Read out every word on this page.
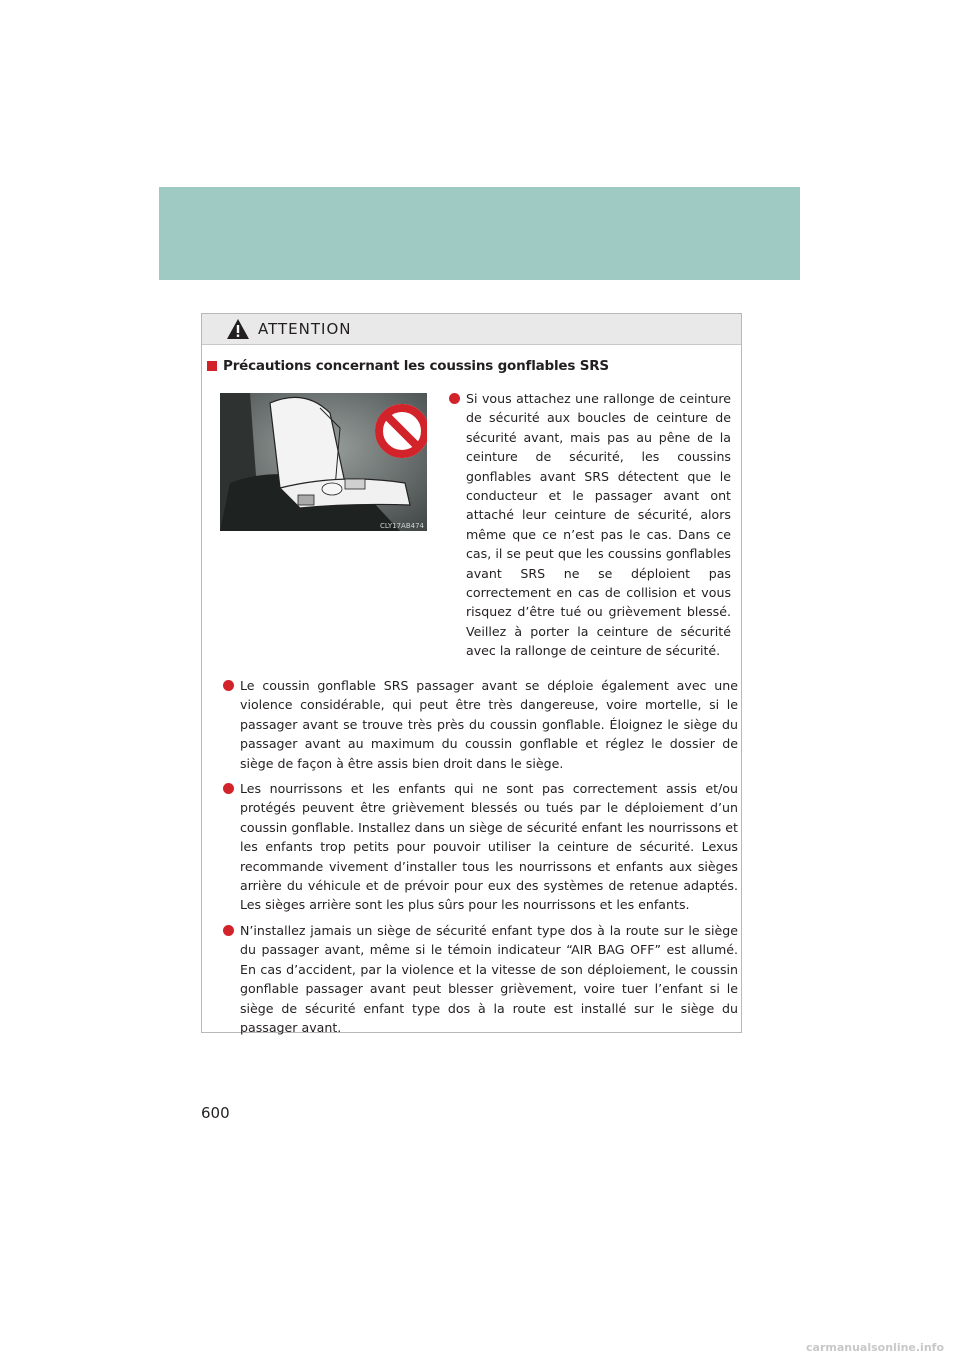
ATTENTION
Précautions concernant les coussins gonflables SRS
CLY17AB474
Si vous attachez une rallonge de ceinture de sécurité aux boucles de ceinture de sécurité avant, mais pas au pêne de la ceinture de sécurité, les coussins gonflables avant SRS détectent que le conducteur et le passager avant ont attaché leur ceinture de sécurité, alors même que ce n’est pas le cas. Dans ce cas, il se peut que les coussins gonflables avant SRS ne se déploient pas correctement en cas de collision et vous risquez d’être tué ou grièvement blessé. Veillez à porter la ceinture de sécurité avec la rallonge de ceinture de sécurité.
Le coussin gonflable SRS passager avant se déploie également avec une violence considérable, qui peut être très dangereuse, voire mortelle, si le passager avant se trouve très près du coussin gonflable. Éloignez le siège du passager avant au maximum du coussin gonflable et réglez le dossier de siège de façon à être assis bien droit dans le siège.
Les nourrissons et les enfants qui ne sont pas correctement assis et/ou protégés peuvent être grièvement blessés ou tués par le déploiement d’un coussin gonflable. Installez dans un siège de sécurité enfant les nourrissons et les enfants trop petits pour pouvoir utiliser la ceinture de sécurité. Lexus recommande vivement d’installer tous les nourrissons et enfants aux sièges arrière du véhicule et de prévoir pour eux des systèmes de retenue adaptés. Les sièges arrière sont les plus sûrs pour les nourrissons et les enfants.
N’installez jamais un siège de sécurité enfant type dos à la route sur le siège du passager avant, même si le témoin indicateur “AIR BAG OFF” est allumé. En cas d’accident, par la violence et la vitesse de son déploiement, le coussin gonflable passager avant peut blesser grièvement, voire tuer l’enfant si le siège de sécurité enfant type dos à la route est installé sur le siège du passager avant.
600
carmanualsonline.info
